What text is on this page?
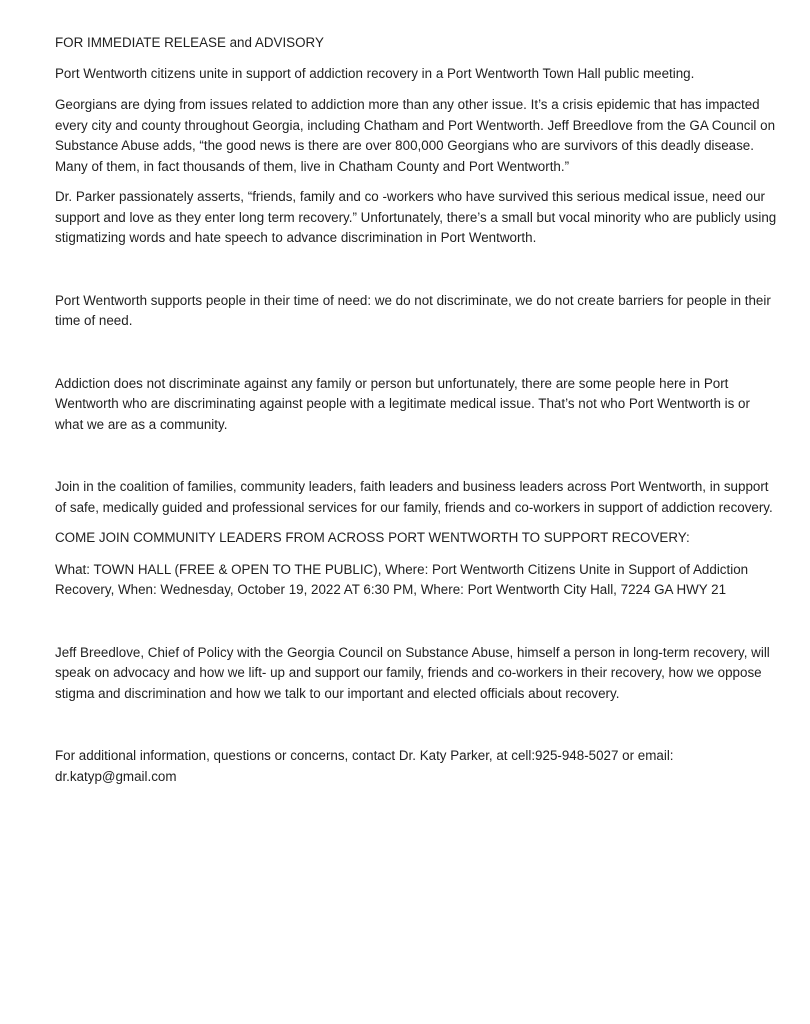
FOR IMMEDIATE RELEASE and ADVISORY

Port Wentworth citizens unite in support of addiction recovery in a Port Wentworth Town Hall public meeting.

Georgians are dying from issues related to addiction more than any other issue. It’s a crisis epidemic that has impacted every city and county throughout Georgia, including Chatham and Port Wentworth. Jeff Breedlove from the GA Council on Substance Abuse adds, “the good news is there are over 800,000 Georgians who are survivors of this deadly disease. Many of them, in fact thousands of them, live in Chatham County and Port Wentworth.”

Dr. Parker passionately asserts, “friends, family and co -workers who have survived this serious medical issue, need our support and love as they enter long term recovery.” Unfortunately, there’s a small but vocal minority who are publicly using stigmatizing words and hate speech to advance discrimination in Port Wentworth.

Port Wentworth supports people in their time of need: we do not discriminate, we do not create barriers for people in their time of need.

Addiction does not discriminate against any family or person but unfortunately, there are some people here in Port Wentworth who are discriminating against people with a legitimate medical issue. That’s not who Port Wentworth is or what we are as a community.

Join in the coalition of families, community leaders, faith leaders and business leaders across Port Wentworth, in support of safe, medically guided and professional services for our family, friends and co-workers in support of addiction recovery.

COME JOIN COMMUNITY LEADERS FROM ACROSS PORT WENTWORTH TO SUPPORT RECOVERY:

What: TOWN HALL (FREE & OPEN TO THE PUBLIC), Where: Port Wentworth Citizens Unite in Support of Addiction Recovery, When: Wednesday, October 19, 2022 AT 6:30 PM, Where: Port Wentworth City Hall, 7224 GA HWY 21

Jeff Breedlove, Chief of Policy with the Georgia Council on Substance Abuse, himself a person in long-term recovery, will speak on advocacy and how we lift- up and support our family, friends and co-workers in their recovery, how we oppose stigma and discrimination and how we talk to our important and elected officials about recovery.

For additional information, questions or concerns, contact Dr. Katy Parker, at cell:925-948-5027 or email: dr.katyp@gmail.com
